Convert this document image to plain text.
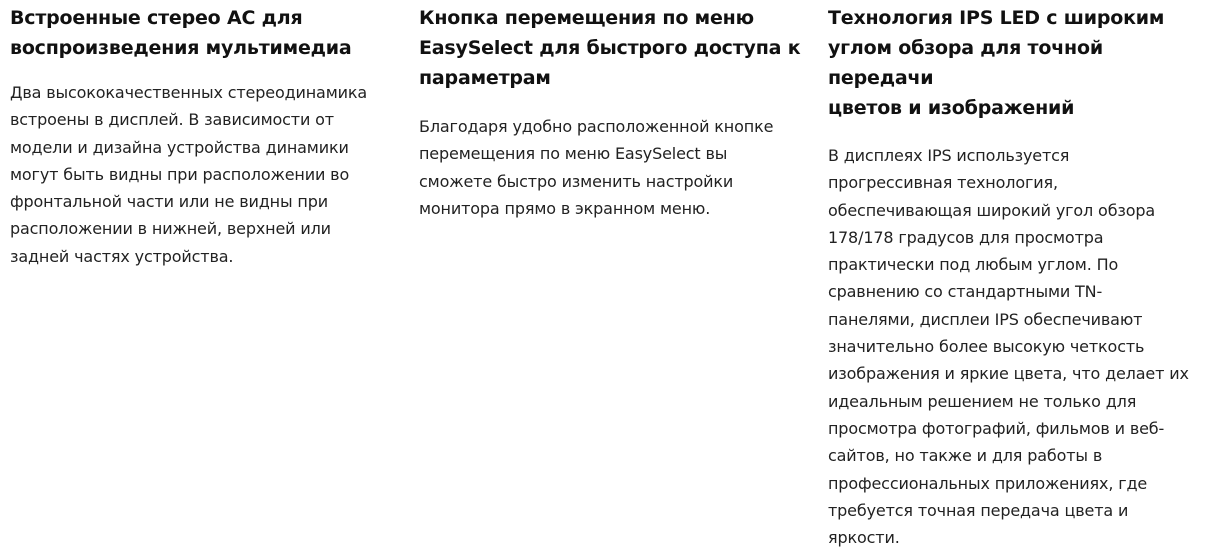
Встроенные стерео АС для
воспроизведения мультимедиа
Два высококачественных стереодинамика
встроены в дисплей. В зависимости от
модели и дизайна устройства динамики
могут быть видны при расположении во
фронтальной части или не видны при
расположении в нижней, верхней или
задней частях устройства.
Кнопка перемещения по меню
EasySelect для быстрого доступа к
параметрам
Благодаря удобно расположенной кнопке
перемещения по меню EasySelect вы
сможете быстро изменить настройки
монитора прямо в экранном меню.
Технология IPS LED с широким
углом обзора для точной передачи
цветов и изображений
В дисплеях IPS используется
прогрессивная технология,
обеспечивающая широкий угол обзора
178/178 градусов для просмотра
практически под любым углом. По
сравнению со стандартными TN-
панелями, дисплеи IPS обеспечивают
значительно более высокую четкость
изображения и яркие цвета, что делает их
идеальным решением не только для
просмотра фотографий, фильмов и веб-
сайтов, но также и для работы в
профессиональных приложениях, где
требуется точная передача цвета и
яркости.
